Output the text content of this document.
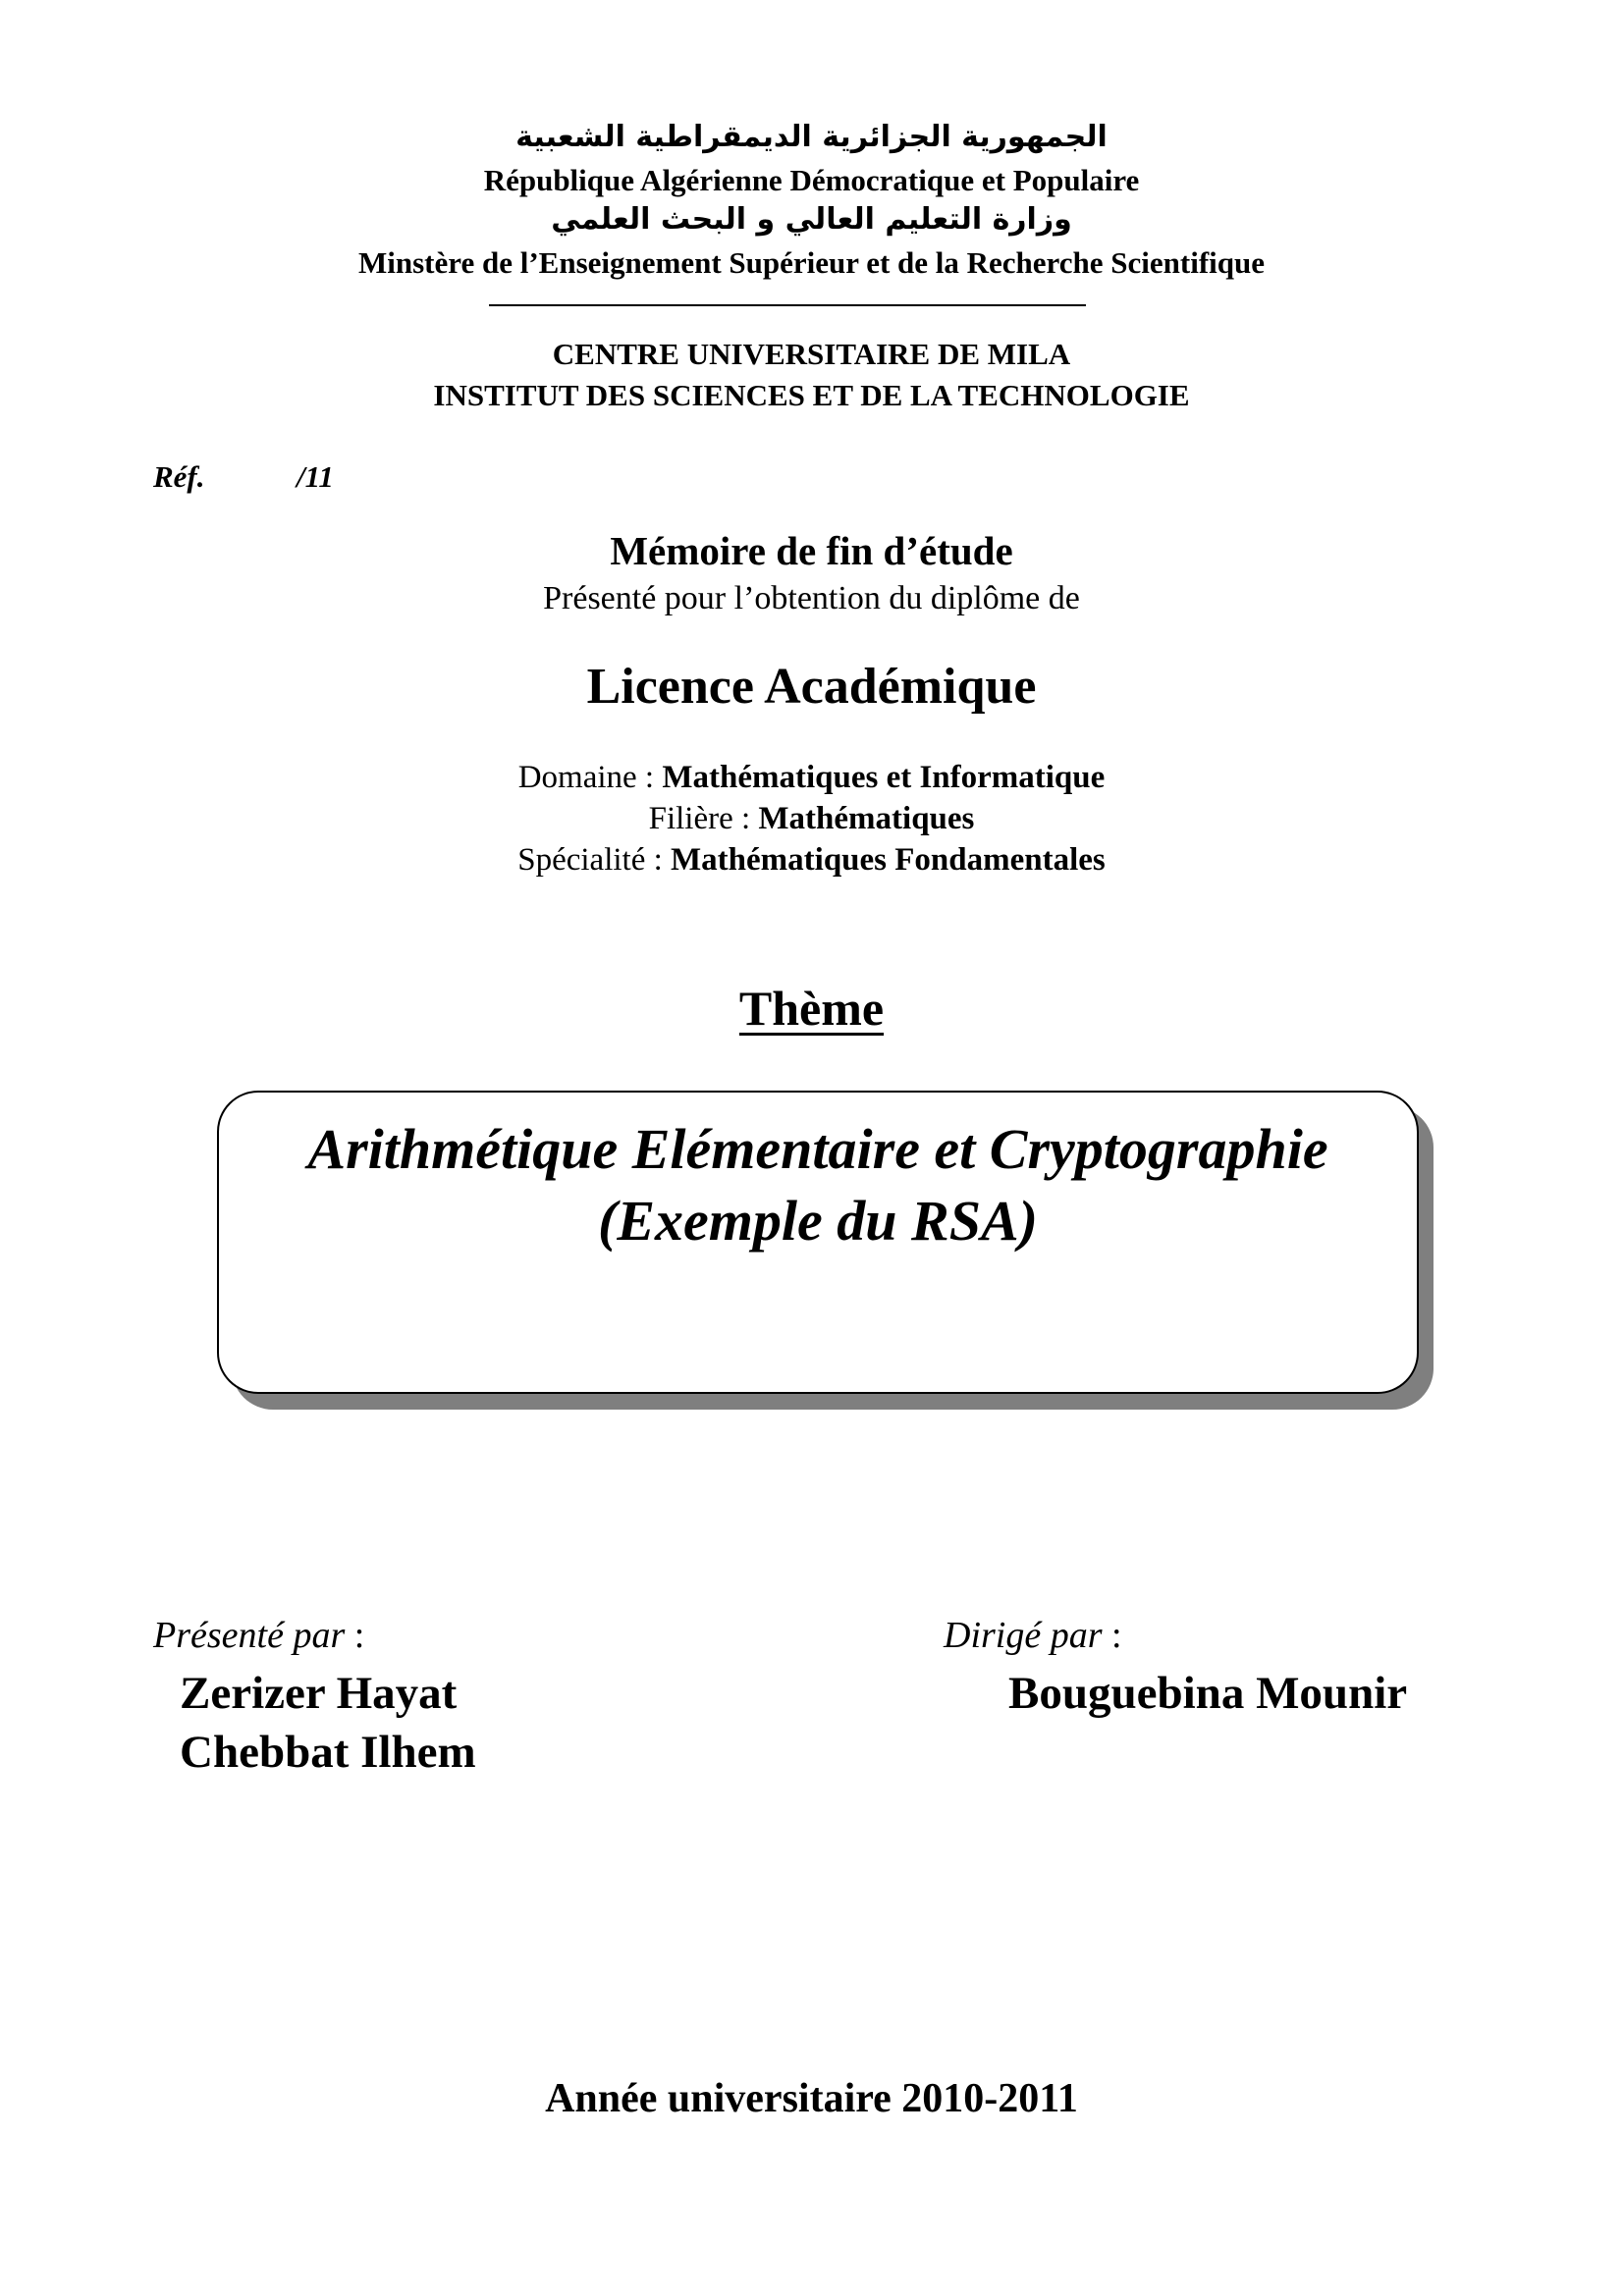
الجمهورية الجزائرية الديمقراطية الشعبية
République Algérienne Démocratique et Populaire
وزارة التعليم العالي و البحث العلمي
Minstère de l’Enseignement Supérieur et de la Recherche Scientifique
CENTRE UNIVERSITAIRE DE MILA
INSTITUT DES SCIENCES ET DE LA TECHNOLOGIE
Réf.	/11
Mémoire de fin d’étude
Présenté pour l’obtention du diplôme de
Licence Académique
Domaine : Mathématiques et Informatique
Filière : Mathématiques
Spécialité : Mathématiques Fondamentales
Thème
Arithmétique Elémentaire et Cryptographie
(Exemple du RSA)
Présenté par :
Zerizer Hayat
Chebbat Ilhem
Dirigé par :
Bouguebina Mounir
Année universitaire 2010-2011
